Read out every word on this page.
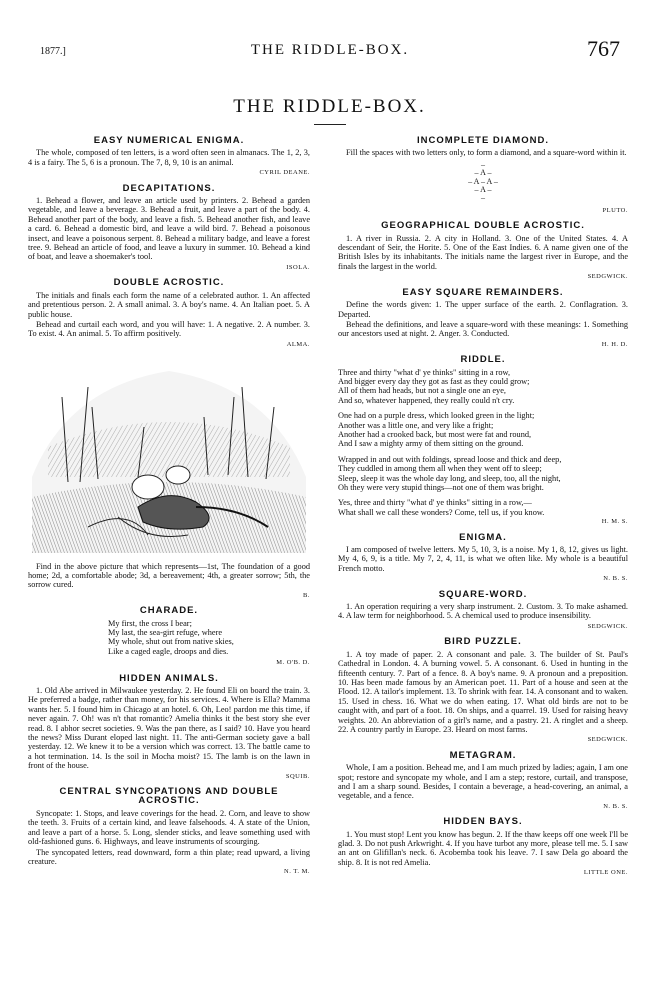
1877.]	THE RIDDLE-BOX.	767
THE RIDDLE-BOX.
EASY NUMERICAL ENIGMA.

The whole, composed of ten letters, is a word often seen in almanacs. The 1, 2, 3, 4 is a fairy. The 5, 6 is a pronoun. The 7, 8, 9, 10 is an animal.

CYRIL DEANE.
DECAPITATIONS.

1. Behead a flower, and leave an article used by printers. 2. Behead a garden vegetable, and leave a beverage. 3. Behead a fruit, and leave a part of the body. 4. Behead another part of the body, and leave a fish. 5. Behead another fish, and leave a card. 6. Behead a domestic bird, and leave a wild bird. 7. Behead a poisonous insect, and leave a poisonous serpent. 8. Behead a military badge, and leave a forest tree. 9. Behead an article of food, and leave a luxury in summer. 10. Behead a kind of boat, and leave a shoemaker's tool.

ISOLA.
DOUBLE ACROSTIC.

The initials and finals each form the name of a celebrated author. 1. An affected and pretentious person. 2. A small animal. 3. A boy's name. 4. An Italian poet. 5. A public house.

Behead and curtail each word, and you will have: 1. A negative. 2. A number. 3. To exist. 4. An animal. 5. To affirm positively.

ALMA.

Find in the above picture that which represents—1st, The foundation of a good home; 2d, a comfortable abode; 3d, a bereavement; 4th, a greater sorrow; 5th, the sorrow cured.

B.
CHARADE.
My first, the cross I bear;
My last, the sea-girt refuge, where
My whole, shut out from native skies,
Like a caged eagle, droops and dies.
M. O'B. D.
HIDDEN ANIMALS.

1. Old Abe arrived in Milwaukee yesterday. 2. He found Eli on board the train. 3. He preferred a badge, rather than money, for his services. 4. Where is Ella? Mamma wants her. 5. I found him in Chicago at an hotel. 6. Oh, Leo! pardon me this time, if never again. 7. Oh! was n't that romantic? Amelia thinks it the best story she ever read. 8. I abhor secret societies. 9. Was the pan there, as I said? 10. Have you heard the news? Miss Durant eloped last night. 11. The anti-German society gave a ball yesterday. 12. We knew it to be a version which was correct. 13. The battle came to a hot termination. 14. Is the soil in Mocha moist? 15. The lamb is on the lawn in front of the house.

SQUIB.
CENTRAL SYNCOPATIONS AND DOUBLE ACROSTIC.

Syncopate: 1. Stops, and leave coverings for the head. 2. Corn, and leave to show the teeth. 3. Fruits of a certain kind, and leave falsehoods. 4. A state of the Union, and leave a part of a horse. 5. Long, slender sticks, and leave something used with old-fashioned guns. 6. Highways, and leave instruments of scourging.

The syncopated letters, read downward, form a thin plate; read upward, a living creature.

N. T. M.
INCOMPLETE DIAMOND.

Fill the spaces with two letters only, to form a diamond, and a square-word within it.

–
– A –
– A – A –
– A –
–
PLUTO.
GEOGRAPHICAL DOUBLE ACROSTIC.

1. A river in Russia. 2. A city in Holland. 3. One of the United States. 4. A descendant of Seir, the Horite. 5. One of the East Indies. 6. A name given one of the British Isles by its inhabitants. The initials name the largest river in Europe, and the finals the largest in the world.

SEDGWICK.
EASY SQUARE REMAINDERS.

Define the words given: 1. The upper surface of the earth. 2. Conflagration. 3. Departed.

Behead the definitions, and leave a square-word with these meanings: 1. Something our ancestors used at night. 2. Anger. 3. Conducted.

H. H. D.
RIDDLE.
Three and thirty "what d' ye thinks" sitting in a row,
And bigger every day they got as fast as they could grow;
All of them had heads, but not a single one an eye,
And so, whatever happened, they really could n't cry.
One had on a purple dress, which looked green in the light;
Another was a little one, and very like a fright;
Another had a crooked back, but most were fat and round,
And I saw a mighty army of them sitting on the ground.
Wrapped in and out with foldings, spread loose and thick and deep,
They cuddled in among them all when they went off to sleep;
Sleep, sleep it was the whole day long, and sleep, too, all the night,
Oh they were very stupid things—not one of them was bright.
Yes, three and thirty "what d' ye thinks" sitting in a row,—
What shall we call these wonders? Come, tell us, if you know.
H. M. S.
ENIGMA.

I am composed of twelve letters. My 5, 10, 3, is a noise. My 1, 8, 12, gives us light. My 4, 6, 9, is a title. My 7, 2, 4, 11, is what we often like. My whole is a beautiful French motto.

N. B. S.
SQUARE-WORD.

1. An operation requiring a very sharp instrument. 2. Custom. 3. To make ashamed. 4. A law term for neighborhood. 5. A chemical used to produce insensibility.

SEDGWICK.
BIRD PUZZLE.

1. A toy made of paper. 2. A consonant and pale. 3. The builder of St. Paul's Cathedral in London. 4. A burning vowel. 5. A consonant. 6. Used in hunting in the fifteenth century. 7. Part of a fence. 8. A boy's name. 9. A pronoun and a preposition. 10. Has been made famous by an American poet. 11. Part of a house and seen at the Flood. 12. A tailor's implement. 13. To shrink with fear. 14. A consonant and to waken. 15. Used in chess. 16. What we do when eating. 17. What old birds are not to be caught with, and part of a foot. 18. On ships, and a quarrel. 19. Used for raising heavy weights. 20. An abbreviation of a girl's name, and a pastry. 21. A ringlet and a sheep. 22. A country partly in Europe. 23. Heard on most farms.

SEDGWICK.
METAGRAM.

Whole, I am a position. Behead me, and I am much prized by ladies; again, I am one spot; restore and syncopate my whole, and I am a step; restore, curtail, and transpose, and I am a sharp sound. Besides, I contain a beverage, a head-covering, an animal, a vegetable, and a fence.

N. B. S.
HIDDEN BAYS.

1. You must stop! Lent you know has begun. 2. If the thaw keeps off one week I'll be glad. 3. Do not push Arkwright. 4. If you have turbot any more, please tell me. 5. I saw an ant on Glifillan's neck. 6. Acobemba took his leave. 7. I saw Dela go aboard the ship. 8. It is not red Amelia.

LITTLE ONE.
